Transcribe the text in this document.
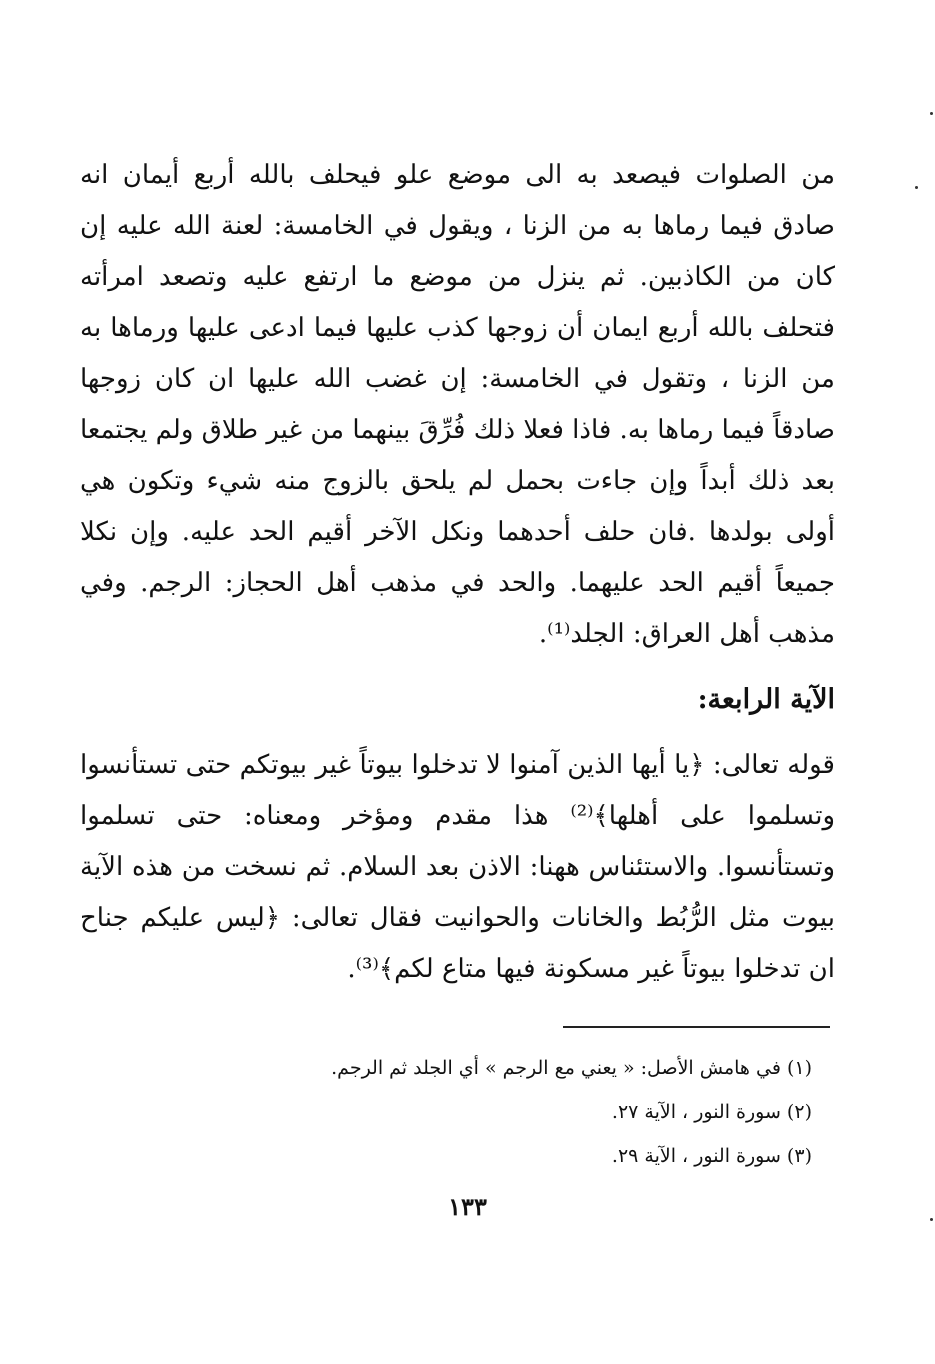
من الصلوات فيصعد به الى موضع علو فيحلف بالله أربع أيمان انه صادق فيما رماها به من الزنا ، ويقول في الخامسة: لعنة الله عليه إن كان من الكاذبين. ثم ينزل من موضع ما ارتفع عليه وتصعد امرأته فتحلف بالله أربع ايمان أن زوجها كذب عليها فيما ادعى عليها ورماها به من الزنا ، وتقول في الخامسة: إن غضب الله عليها ان كان زوجها صادقاً فيما رماها به. فاذا فعلا ذلك فُرِّقَ بينهما من غير طلاق ولم يجتمعا بعد ذلك أبداً وإن جاءت بحمل لم يلحق بالزوج منه شيء وتكون هي أولى بولدها .فان حلف أحدهما ونكل الآخر أقيم الحد عليه. وإن نكلا جميعاً أقيم الحد عليهما. والحد في مذهب أهل الحجاز: الرجم. وفي مذهب أهل العراق: الجلد⁽¹⁾.

الآية الرابعة:

قوله تعالى: ﴿يا أيها الذين آمنوا لا تدخلوا بيوتاً غير بيوتكم حتى تستأنسوا وتسلموا على أهلها﴾⁽²⁾ هذا مقدم ومؤخر ومعناه: حتى تسلموا وتستأنسوا. والاستئناس ههنا: الاذن بعد السلام. ثم نسخت من هذه الآية بيوت مثل الرُّبُط والخانات والحوانيت فقال تعالى: ﴿ليس عليكم جناح ان تدخلوا بيوتاً غير مسكونة فيها متاع لكم﴾⁽³⁾.

(١) في هامش الأصل: « يعني مع الرجم » أي الجلد ثم الرجم.

(٢) سورة النور ، الآية ٢٧.

(٣) سورة النور ، الآية ٢٩.

١٣٣
